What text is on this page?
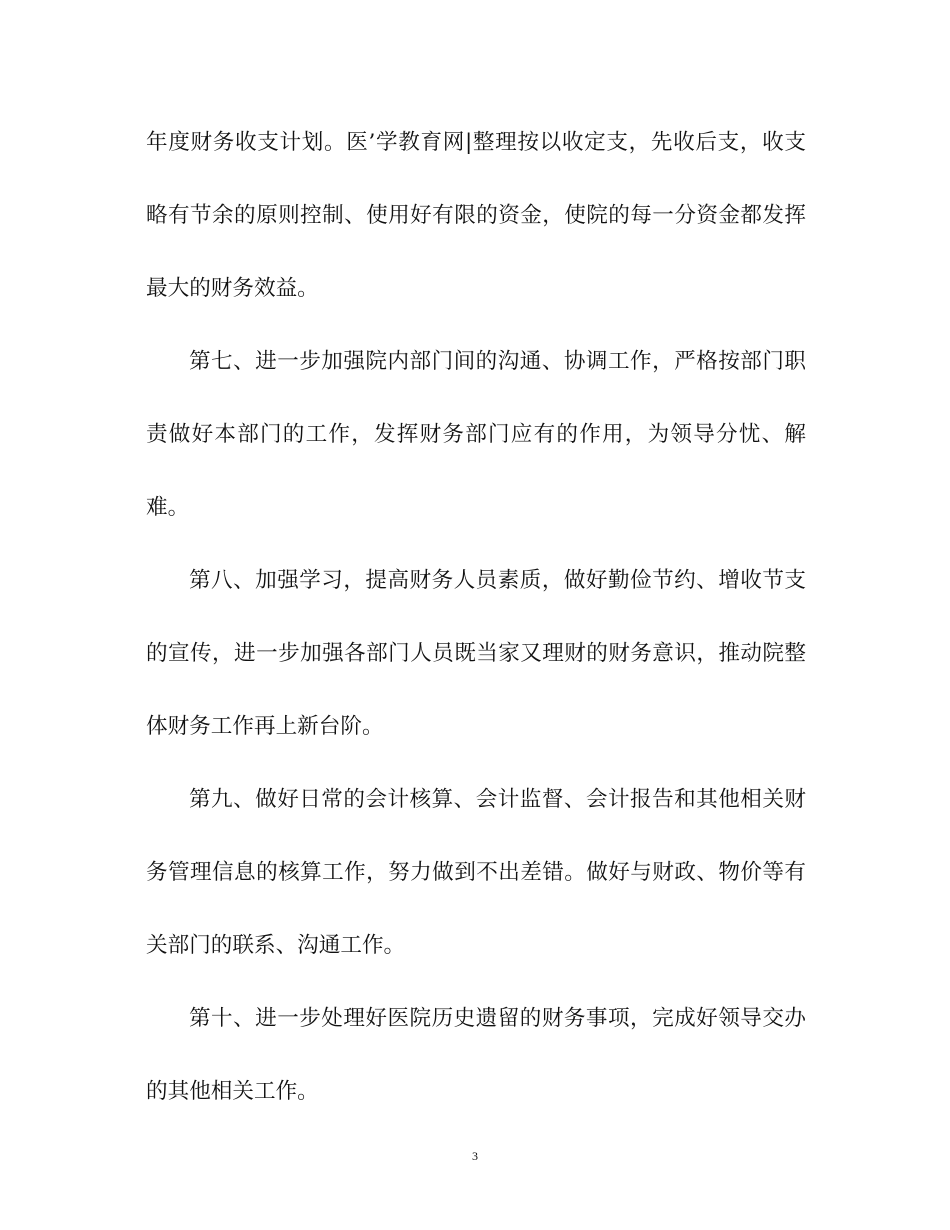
年度财务收支计划。医’学教育网|整理按以收定支，先收后支，收支
略有节余的原则控制、使用好有限的资金，使院的每一分资金都发挥
最大的财务效益。
第七、进一步加强院内部门间的沟通、协调工作，严格按部门职
责做好本部门的工作，发挥财务部门应有的作用，为领导分忧、解
难。
第八、加强学习，提高财务人员素质，做好勤俭节约、增收节支
的宣传，进一步加强各部门人员既当家又理财的财务意识，推动院整
体财务工作再上新台阶。
第九、做好日常的会计核算、会计监督、会计报告和其他相关财
务管理信息的核算工作，努力做到不出差错。做好与财政、物价等有
关部门的联系、沟通工作。
第十、进一步处理好医院历史遗留的财务事项，完成好领导交办
的其他相关工作。
3
